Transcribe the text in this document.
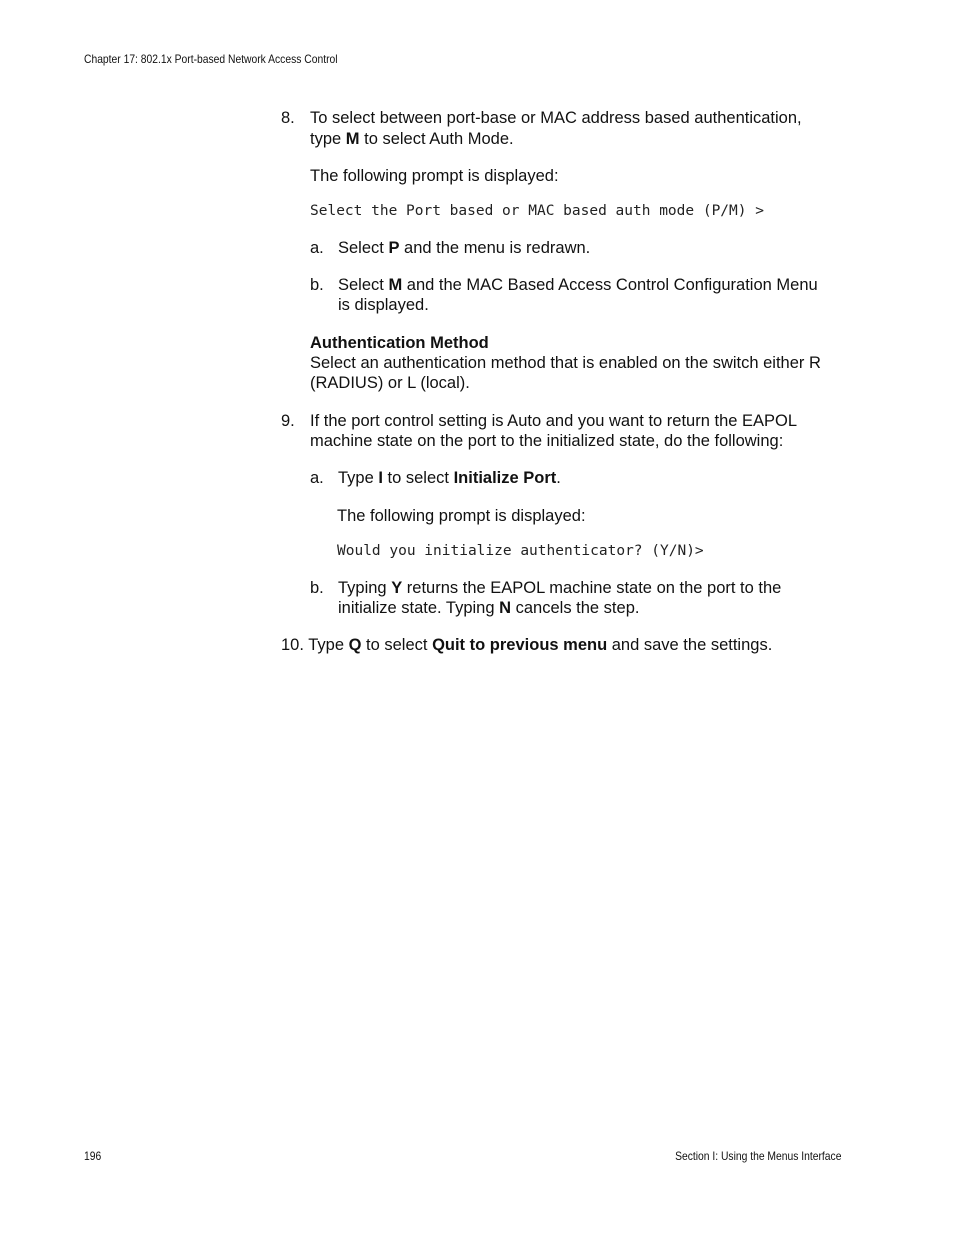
Chapter 17: 802.1x Port-based Network Access Control
8. To select between port-base or MAC address based authentication,
type M to select Auth Mode.
The following prompt is displayed:
Select the Port based or MAC based auth mode (P/M) >
a. Select P and the menu is redrawn.
b. Select M and the MAC Based Access Control Configuration Menu
is displayed.
Authentication Method
Select an authentication method that is enabled on the switch either R
(RADIUS) or L (local).
9. If the port control setting is Auto and you want to return the EAPOL
machine state on the port to the initialized state, do the following:
a. Type I to select Initialize Port.
The following prompt is displayed:
Would you initialize authenticator? (Y/N)>
b. Typing Y returns the EAPOL machine state on the port to the
initialize state. Typing N cancels the step.
10. Type Q to select Quit to previous menu and save the settings.
196	Section I: Using the Menus Interface
